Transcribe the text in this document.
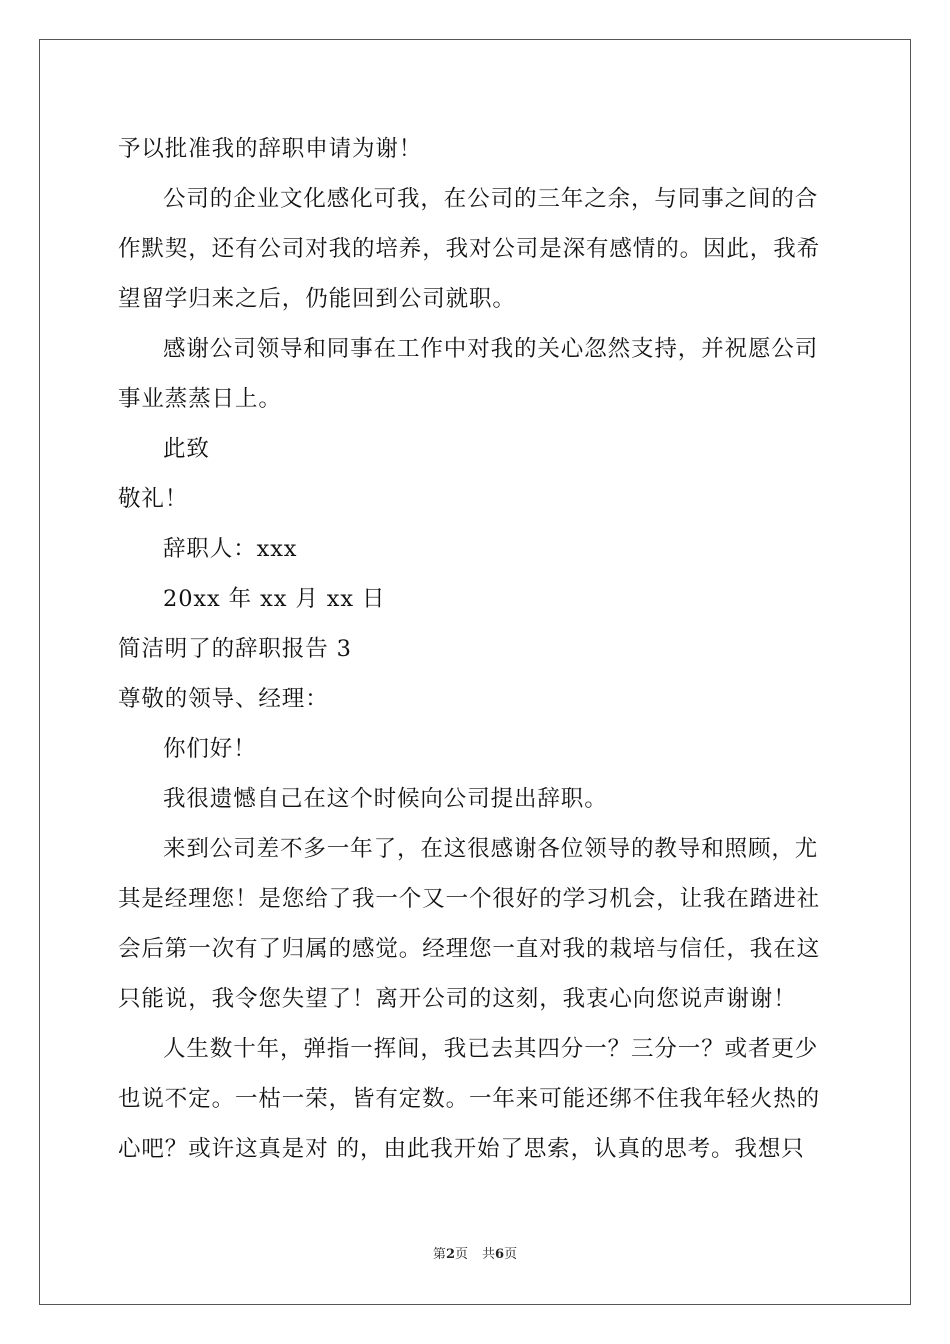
予以批准我的辞职申请为谢！
公司的企业文化感化可我，在公司的三年之余，与同事之间的合
作默契，还有公司对我的培养，我对公司是深有感情的。因此，我希
望留学归来之后，仍能回到公司就职。
感谢公司领导和同事在工作中对我的关心忽然支持，并祝愿公司
事业蒸蒸日上。
此致
敬礼！
辞职人：xxx
20xx 年 xx 月 xx 日
简洁明了的辞职报告 3
尊敬的领导、经理：
你们好！
我很遗憾自己在这个时候向公司提出辞职。
来到公司差不多一年了，在这很感谢各位领导的教导和照顾，尤
其是经理您！是您给了我一个又一个很好的学习机会，让我在踏进社
会后第一次有了归属的感觉。经理您一直对我的栽培与信任，我在这
只能说，我令您失望了！离开公司的这刻，我衷心向您说声谢谢！
人生数十年，弹指一挥间，我已去其四分一？三分一？或者更少
也说不定。一枯一荣，皆有定数。一年来可能还绑不住我年轻火热的
心吧？或许这真是对 的，由此我开始了思索，认真的思考。我想只
第2页 共6页
